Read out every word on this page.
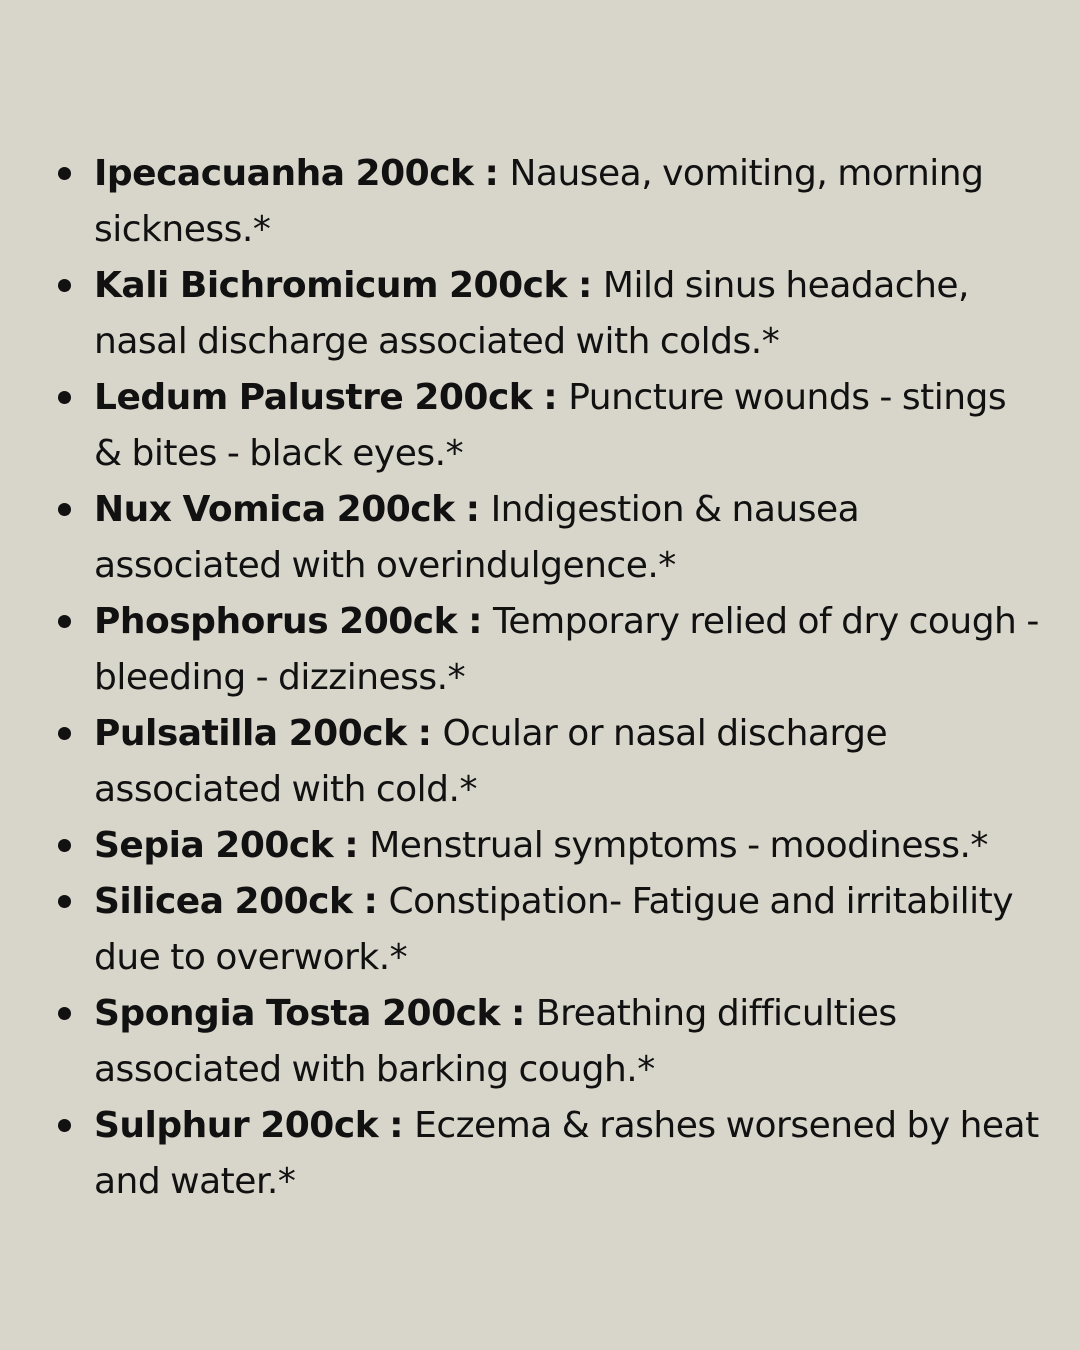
Ipecacuanha 200ck : Nausea, vomiting, morning sickness.*
Kali Bichromicum 200ck : Mild sinus headache, nasal discharge associated with colds.*
Ledum Palustre 200ck : Puncture wounds - stings & bites - black eyes.*
Nux Vomica 200ck : Indigestion & nausea associated with overindulgence.*
Phosphorus 200ck : Temporary relied of dry cough - bleeding - dizziness.*
Pulsatilla 200ck : Ocular or nasal discharge associated with cold.*
Sepia 200ck : Menstrual symptoms - moodiness.*
Silicea 200ck : Constipation- Fatigue and irritability due to overwork.*
Spongia Tosta 200ck : Breathing difficulties associated with barking cough.*
Sulphur 200ck : Eczema & rashes worsened by heat and water.*
